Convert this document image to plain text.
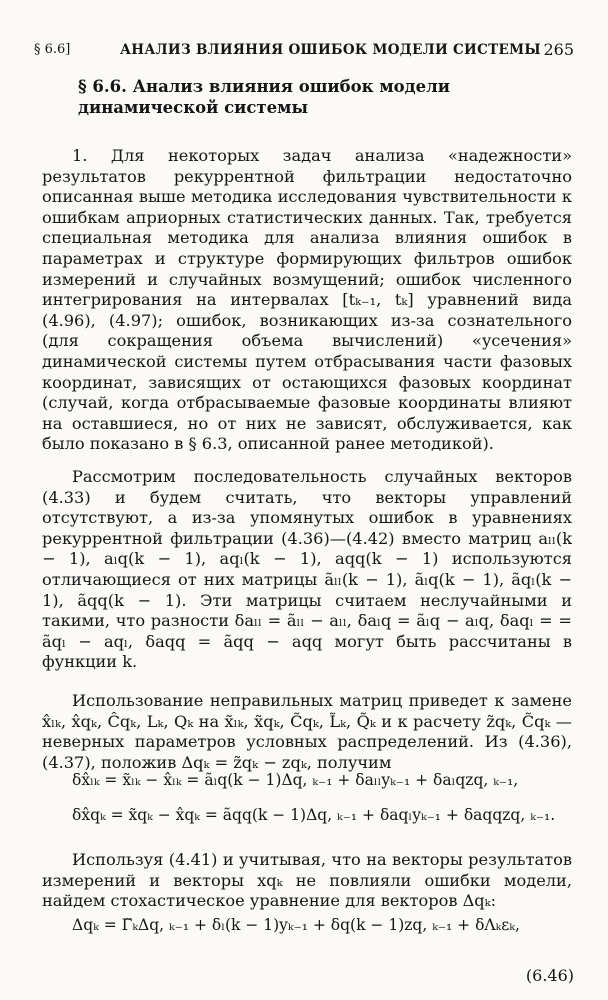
§ 6.6]	АНАЛИЗ ВЛИЯНИЯ ОШИБОК МОДЕЛИ СИСТЕМЫ 265
§ 6.6. Анализ влияния ошибок модели динамической системы

1. Для некоторых задач анализа «надежности» результатов рекуррентной фильтрации недостаточно описанная выше методика исследования чувствительности к ошибкам априорных статистических данных. Так, требуется специальная методика для анализа влияния ошибок в параметрах и структуре формирующих фильтров ошибок измерений и случайных возмущений; ошибок численного интегрирования на интервалах [tₖ₋₁, tₖ] уравнений вида (4.96), (4.97); ошибок, возникающих из-за сознательного (для сокращения объема вычислений) «усечения» динамической системы путем отбрасывания части фазовых координат, зависящих от остающихся фазовых координат (случай, когда отбрасываемые фазовые координаты влияют на оставшиеся, но от них не зависят, обслуживается, как было показано в § 6.3, описанной ранее методикой).

Рассмотрим последовательность случайных векторов (4.33) и будем считать, что векторы управлений отсутствуют, а из-за упомянутых ошибок в уравнениях рекуррентной фильтрации (4.36)—(4.42) вместо матриц aₗₗ(k − 1), aₗq(k − 1), aqₗ(k − 1), aqq(k − 1) используются отличающиеся от них матрицы ãₗₗ(k − 1), ãₗq(k − 1), ãqₗ(k − 1), ãqq(k − 1). Эти матрицы считаем неслучайными и такими, что разности δaₗₗ = ãₗₗ − aₗₗ, δaₗq = ãₗq − aₗq, δaqₗ = = ãqₗ − aqₗ, δaqq = ãqq − aqq могут быть рассчитаны в функции k.

Использование неправильных матриц приведет к замене x̂ₗₖ, x̂qₖ, Ĉqₖ, Lₖ, Qₖ на x̃ₗₖ, x̃qₖ, C̃qₖ, L̃ₖ, Q̃ₖ и к расчету z̃qₖ, C̃qₖ — неверных параметров условных распределений. Из (4.36), (4.37), положив Δqₖ = z̃qₖ − zqₖ, получим

δx̂ₗₖ = x̃ₗₖ − x̂ₗₖ = ãₗq(k − 1)Δq, ₖ₋₁ + δaₗₗyₖ₋₁ + δaₗqzq, ₖ₋₁,
δx̂qₖ = x̃qₖ − x̂qₖ = ãqq(k − 1)Δq, ₖ₋₁ + δaqₗyₖ₋₁ + δaqqzq, ₖ₋₁.

Используя (4.41) и учитывая, что на векторы результатов измерений и векторы xqₖ не повлияли ошибки модели, найдем стохастическое уравнение для векторов Δqₖ:

Δqₖ = Γ̃ₖΔq, ₖ₋₁ + δₗ(k − 1)yₖ₋₁ + δq(k − 1)zq, ₖ₋₁ + δΛₖεₖ,
(6.46)
